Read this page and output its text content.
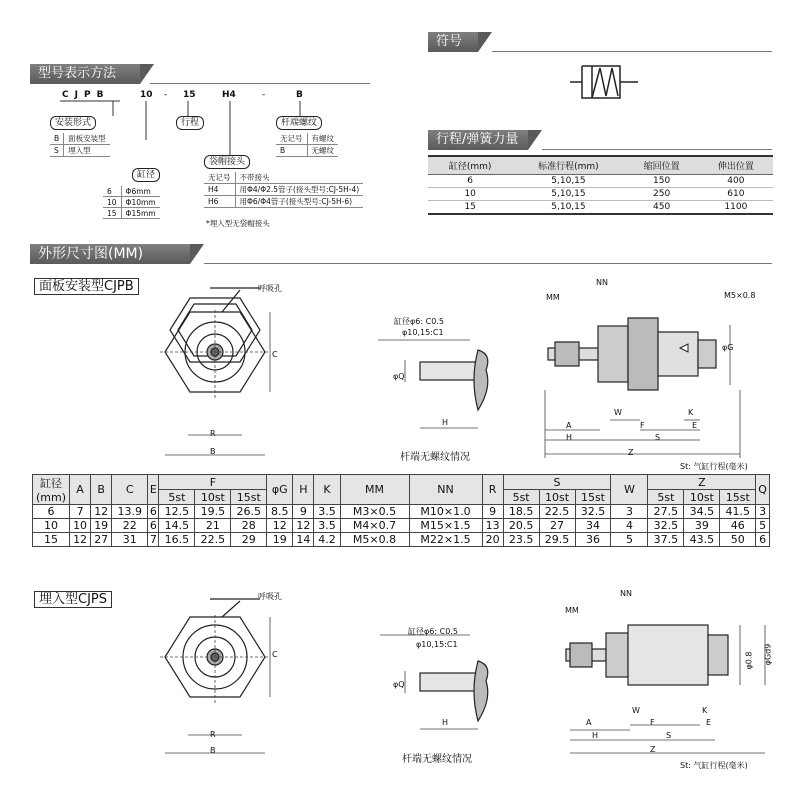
型号表示方法
符号
行程/弹簧力量
外形尺寸图(MM)
CJPB	10 - 15	H4	-	B
安装形式
B	面板安装型
S	埋入型
缸径
6	Φ6mm
10	Φ10mm
15	Φ15mm
行程
袋帽接头
无记号	不带接头
H4	用Φ4/Φ2.5管子(接头型号:CJ-5H-4)
H6	用Φ6/Φ4管子(接头型号:CJ-5H-6)
*埋入型无袋帽接头
杆端螺纹
无记号	有螺纹
B	无螺纹
缸径(mm)	标准行程(mm)	缩回位置	伸出位置
6	5,10,15	150	400
10	5,10,15	250	610
15	5,10,15	450	1100
面板安装型CJPB	呼吸孔
R
B
C
缸径φ6: C0.5
φ10,15:C1
φQ
H
杆端无螺纹情况
MM
NN
M5×0.8
φG
W	K
A	F	E
H	S
Z
St: 气缸行程(毫米)
缸径
(mm)	A	B	C	E	F			φG	H	K	MM	NN	R	S			W	Z			Q
					5st	10st	15st							5st	10st	15st		5st	10st	15st	
6	7	12	13.9	6	12.5	19.5	26.5	8.5	9	3.5	M3×0.5	M10×1.0	9	18.5	22.5	32.5	3	27.5	34.5	41.5	3
10	10	19	22	6	14.5	21	28	12	12	3.5	M4×0.7	M15×1.5	13	20.5	27	34	4	32.5	39	46	5
15	12	27	31	7	16.5	22.5	29	19	14	4.2	M5×0.8	M22×1.5	20	23.5	29.5	36	5	37.5	43.5	50	6
埋入型CJPS	呼吸孔
R
B
C
缸径φ6: C0.5
φ10,15:C1
φQ
H
杆端无螺纹情况
MM
NN
φ0.8 φGd9
W	K
A	F	E
H	S
Z
St: 气缸行程(毫米)
